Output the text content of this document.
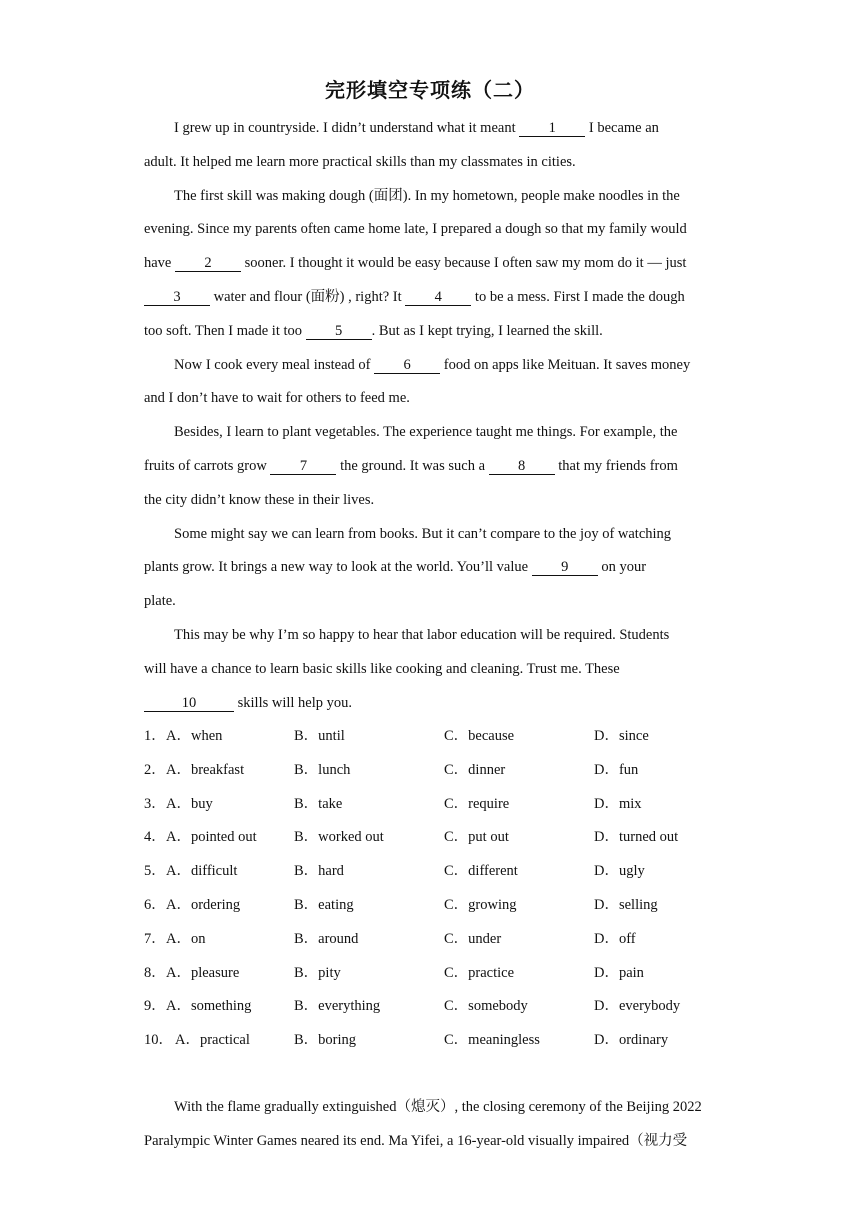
完形填空专项练（二）
I grew up in countryside. I didn’t understand what it meant 1 I became an
adult. It helped me learn more practical skills than my classmates in cities.
The first skill was making dough (面团). In my hometown, people make noodles in the
evening. Since my parents often came home late, I prepared a dough so that my family would
have 2 sooner. I thought it would be easy because I often saw my mom do it — just
3 water and flour (面粉) , right? It 4 to be a mess. First I made the dough
too soft. Then I made it too 5 . But as I kept trying, I learned the skill.
Now I cook every meal instead of 6 food on apps like Meituan. It saves money
and I don’t have to wait for others to feed me.
Besides, I learn to plant vegetables. The experience taught me things. For example, the
fruits of carrots grow 7 the ground. It was such a 8 that my friends from
the city didn’t know these in their lives.
Some might say we can learn from books. But it can’t compare to the joy of watching
plants grow. It brings a new way to look at the world. You’ll value 9 on your
plate.
This may be why I’m so happy to hear that labor education will be required. Students
will have a chance to learn basic skills like cooking and cleaning. Trust me. These
10	skills will help you.
1． A．when	B．until	C．because	D．since
2． A．breakfast	B．lunch	C．dinner	D．fun
3． A．buy	B．take	C．require	D．mix
4． A．pointed out	B．worked out	C．put out	D．turned out
5． A．difficult	B．hard	C．different	D．ugly
6． A．ordering	B．eating	C．growing	D．selling
7． A．on	B．around	C．under	D．off
8． A．pleasure	B．pity	C．practice	D．pain
9． A．something	B．everything	C．somebody	D．everybody
10． A．practical	B．boring	C．meaningless	D．ordinary
With the flame gradually extinguished（熄灭）, the closing ceremony of the Beijing 2022
Paralympic Winter Games neared its end. Ma Yifei, a 16-year-old visually impaired（视力受
